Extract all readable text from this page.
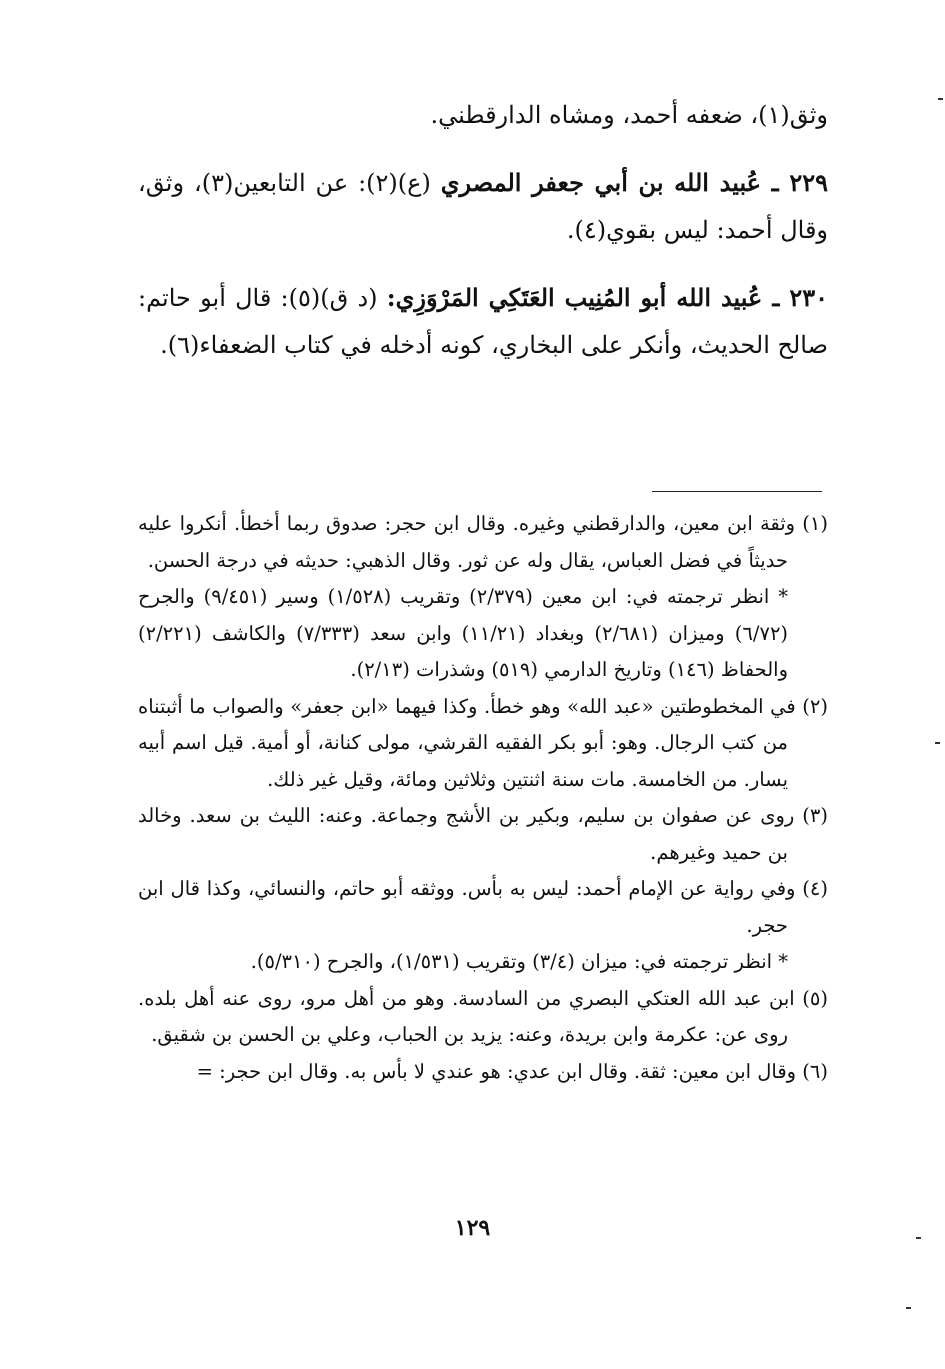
وثق(١)، ضعفه أحمد، ومشاه الدارقطني.

٢٢٩ ـ عُبيد الله بن أبي جعفر المصري (ع)(٢): عن التابعين(٣)، وثق، وقال أحمد: ليس بقوي(٤).

٢٣٠ ـ عُبيد الله أبو المُنِيب العَتَكِي المَرْوَزِي: (د ق)(٥): قال أبو حاتم: صالح الحديث، وأنكر على البخاري، كونه أدخله في كتاب الضعفاء(٦).

(١) وثقة ابن معين، والدارقطني وغيره. وقال ابن حجر: صدوق ربما أخطأ. أنكروا عليه حديثاً في فضل العباس، يقال وله عن ثور. وقال الذهبي: حديثه في درجة الحسن.

* انظر ترجمته في: ابن معين (٢/٣٧٩) وتقريب (١/٥٢٨) وسير (٩/٤٥١) والجرح (٦/٧٢) وميزان (٢/٦٨١) وبغداد (١١/٢١) وابن سعد (٧/٣٣٣) والكاشف (٢/٢٢١) والحفاظ (١٤٦) وتاريخ الدارمي (٥١٩) وشذرات (٢/١٣).

(٢) في المخطوطتين «عبد الله» وهو خطأ. وكذا فيهما «ابن جعفر» والصواب ما أثبتناه من كتب الرجال. وهو: أبو بكر الفقيه القرشي، مولى كنانة، أو أمية. قيل اسم أبيه يسار. من الخامسة. مات سنة اثنتين وثلاثين ومائة، وقيل غير ذلك.

(٣) روى عن صفوان بن سليم، وبكير بن الأشج وجماعة. وعنه: الليث بن سعد. وخالد بن حميد وغيرهم.

(٤) وفي رواية عن الإمام أحمد: ليس به بأس. ووثقه أبو حاتم، والنسائي، وكذا قال ابن حجر.

* انظر ترجمته في: ميزان (٣/٤) وتقريب (١/٥٣١)، والجرح (٥/٣١٠).

(٥) ابن عبد الله العتكي البصري من السادسة. وهو من أهل مرو، روى عنه أهل بلده. روى عن: عكرمة وابن بريدة، وعنه: يزيد بن الحباب، وعلي بن الحسن بن شقيق.

(٦) وقال ابن معين: ثقة. وقال ابن عدي: هو عندي لا بأس به. وقال ابن حجر: =

١٢٩
